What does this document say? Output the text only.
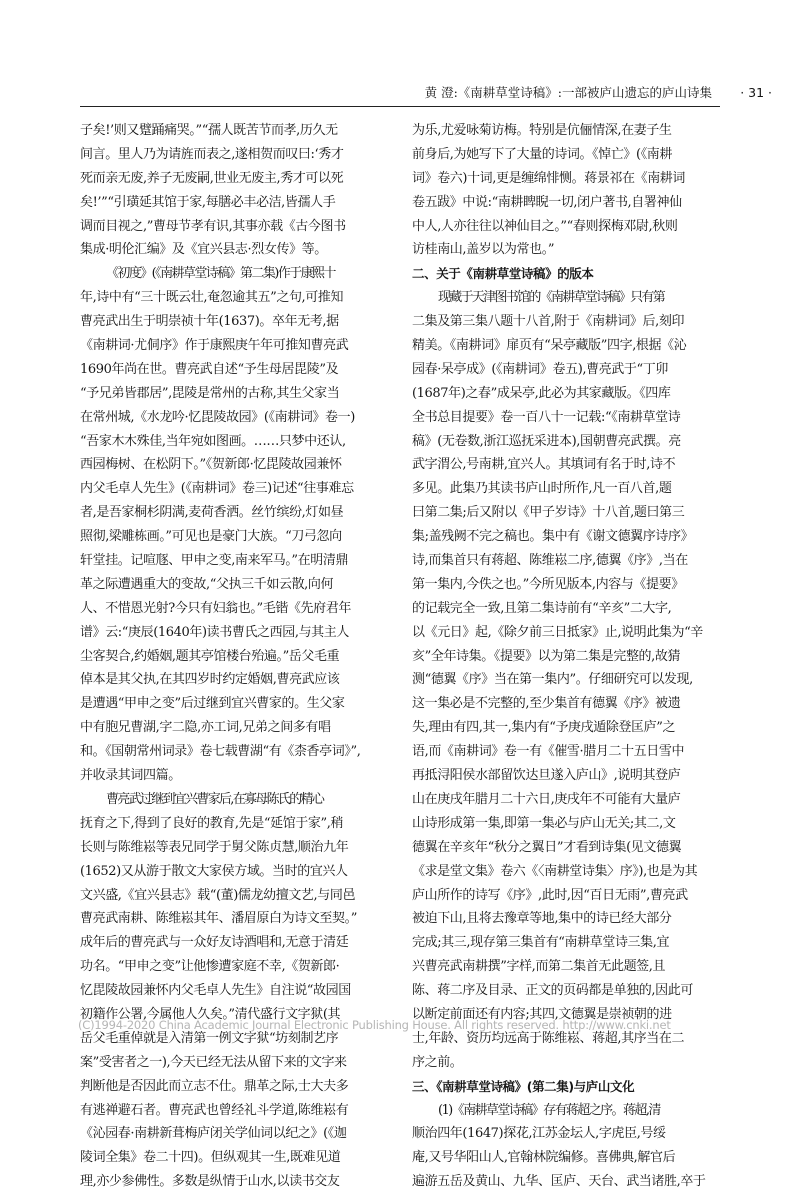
黄 澄:《南耕草堂诗稿》:一部被庐山遗忘的庐山诗集 · 31 ·
子矣!’则又躄踊痛哭。”“孺人既苦节而孝,历久无
间言。里人乃为请旌而表之,遂相贺而叹曰:‘秀才
死而亲无废,养子无废嗣,世业无废主,秀才可以死
矣!’”“引璜延其馆于家,每膳必丰必洁,皆孺人手
调而目视之,”曹母节孝有识,其事亦载《古今图书
集成·明伦汇编》及《宜兴县志·烈女传》等。
《初度》(《南耕草堂诗稿》第二集)作于康熙十
年,诗中有“三十既云壮,奄忽逾其五”之句,可推知
曹亮武出生于明崇祯十年(1637)。卒年无考,据
《南耕词·尤侗序》作于康熙庚午年可推知曹亮武
1690年尚在世。曹亮武自述“予生母居毘陵”及
“予兄弟皆郡居”,毘陵是常州的古称,其生父家当
在常州城,《水龙吟·忆毘陵故园》(《南耕词》卷一)
“吾家木木殊佳,当年宛如图画。……只梦中还认,
西园梅树、在松阴下。”《贺新郎·忆毘陵故园兼怀
内父毛卓人先生》(《南耕词》卷三)记述“往事难忘
者,是吾家桐杉阴满,麦荷香洒。丝竹缤纷,灯如昼
照彻,梁雕栋画。”可见也是豪门大族。“刀弓忽向
轩堂挂。记喧豗、甲申之变,南来军马。”在明清鼎
革之际遭遇重大的变故,“父执三千如云散,向何
人、不惜恩光射?今只有妇翁也。”毛锴《先府君年
谱》云:“庚辰(1640年)读书曹氏之西园,与其主人
尘客契合,约婚姻,题其亭馆楼台殆遍。”岳父毛重
倬本是其父执,在其四岁时约定婚姻,曹亮武应该
是遭遇“甲申之变”后过继到宜兴曹家的。生父家
中有胞兄曹湖,字二隐,亦工词,兄弟之间多有唱
和。《国朝常州词录》卷七载曹湖“有《柰香亭词》”,
并收录其词四篇。
曹亮武过继到宜兴曹家后,在寡母陈氏的精心
抚育之下,得到了良好的教育,先是“延馆于家”,稍
长则与陈维崧等表兄同学于舅父陈贞慧,顺治九年
(1652)又从游于散文大家侯方域。当时的宜兴人
文兴盛,《宜兴县志》载“(董)儒龙幼擅文艺,与同邑
曹亮武南耕、陈维崧其年、潘眉原白为诗文至契。”
成年后的曹亮武与一众好友诗酒唱和,无意于清廷
功名。“甲申之变”让他惨遭家庭不幸,《贺新郎·
忆毘陵故园兼怀内父毛卓人先生》自注说“故园国
初籍作公署,今属他人久矣。”清代盛行文字狱(其
岳父毛重倬就是入清第一例文字狱“坊刻制艺序
案”受害者之一),今天已经无法从留下来的文字来
判断他是否因此而立志不仕。鼎革之际,士大夫多
有逃禅避石者。曹亮武也曾经礼斗学道,陈维崧有
《沁园春·南耕新葺梅庐闭关学仙词以纪之》(《迦
陵词全集》卷二十四)。但纵观其一生,既难见道
理,亦少参佛性。多数是纵情于山水,以读书交友
为乐,尤爱咏菊访梅。特别是伉俪情深,在妻子生
前身后,为她写下了大量的诗词。《悼亡》(《南耕
词》卷六)十词,更是缠绵悱恻。蒋景祁在《南耕词
卷五跋》中说:“南耕睥睨一切,闭户著书,自署神仙
中人,人亦往往以神仙目之。”“春则探梅邓尉,秋则
访桂南山,盖岁以为常也。”
二、关于《南耕草堂诗稿》的版本
现藏于天津图书馆的《南耕草堂诗稿》只有第
二集及第三集八题十八首,附于《南耕词》后,刻印
精美。《南耕词》扉页有“呆亭藏版”四字,根据《沁
园春·呆亭成》(《南耕词》卷五),曹亮武于“丁卯
(1687年)之春”成呆亭,此必为其家藏版。《四库
全书总目提要》卷一百八十一记载:“《南耕草堂诗
稿》(无卷数,浙江巡抚采进本),国朝曹亮武撰。亮
武字渭公,号南耕,宜兴人。其填词有名于时,诗不
多见。此集乃其读书庐山时所作,凡一百八首,题
曰第二集;后又附以《甲子岁诗》十八首,题曰第三
集;盖残阙不完之稿也。集中有《谢文德翼序诗序》
诗,而集首只有蒋超、陈维崧二序,德翼《序》,当在
第一集内,今佚之也。”今所见版本,内容与《提要》
的记载完全一致,且第二集诗前有“辛亥”二大字,
以《元日》起,《除夕前三日抵家》止,说明此集为“辛
亥”全年诗集。《提要》以为第二集是完整的,故猜
测“德翼《序》当在第一集内”。仔细研究可以发现,
这一集必是不完整的,至少集首有德翼《序》被遗
失,理由有四,其一,集内有“予庚戌遁除登匡庐”之
语,而《南耕词》卷一有《催雪·腊月二十五日雪中
再抵浔阳侯水部留饮达旦遂入庐山》,说明其登庐
山在庚戌年腊月二十六日,庚戌年不可能有大量庐
山诗形成第一集,即第一集必与庐山无关;其二,文
德翼在辛亥年“秋分之翼日”才看到诗集(见文德翼
《求是堂文集》卷六《〈南耕堂诗集〉序》),也是为其
庐山所作的诗写《序》,此时,因“百日无雨”,曹亮武
被迫下山,且将去豫章等地,集中的诗已经大部分
完成;其三,现存第三集首有“南耕草堂诗三集,宜
兴曹亮武南耕撰”字样,而第二集首无此题签,且
陈、蒋二序及目录、正文的页码都是单独的,因此可
以断定前面还有内容;其四,文德翼是崇祯朝的进
士,年龄、资历均远高于陈维崧、蒋超,其序当在二
序之前。
三、《南耕草堂诗稿》(第二集)与庐山文化
(1)《南耕草堂诗稿》存有蒋超之序。蒋超,清
顺治四年(1647)探花,江苏金坛人,字虎臣,号绥
庵,又号华阳山人,官翰林院编修。喜佛典,解官后
遍游五岳及黄山、九华、匡庐、天台、武当诸胜,卒于
(C)1994-2020 China Academic Journal Electronic Publishing House. All rights reserved. http://www.cnki.net
